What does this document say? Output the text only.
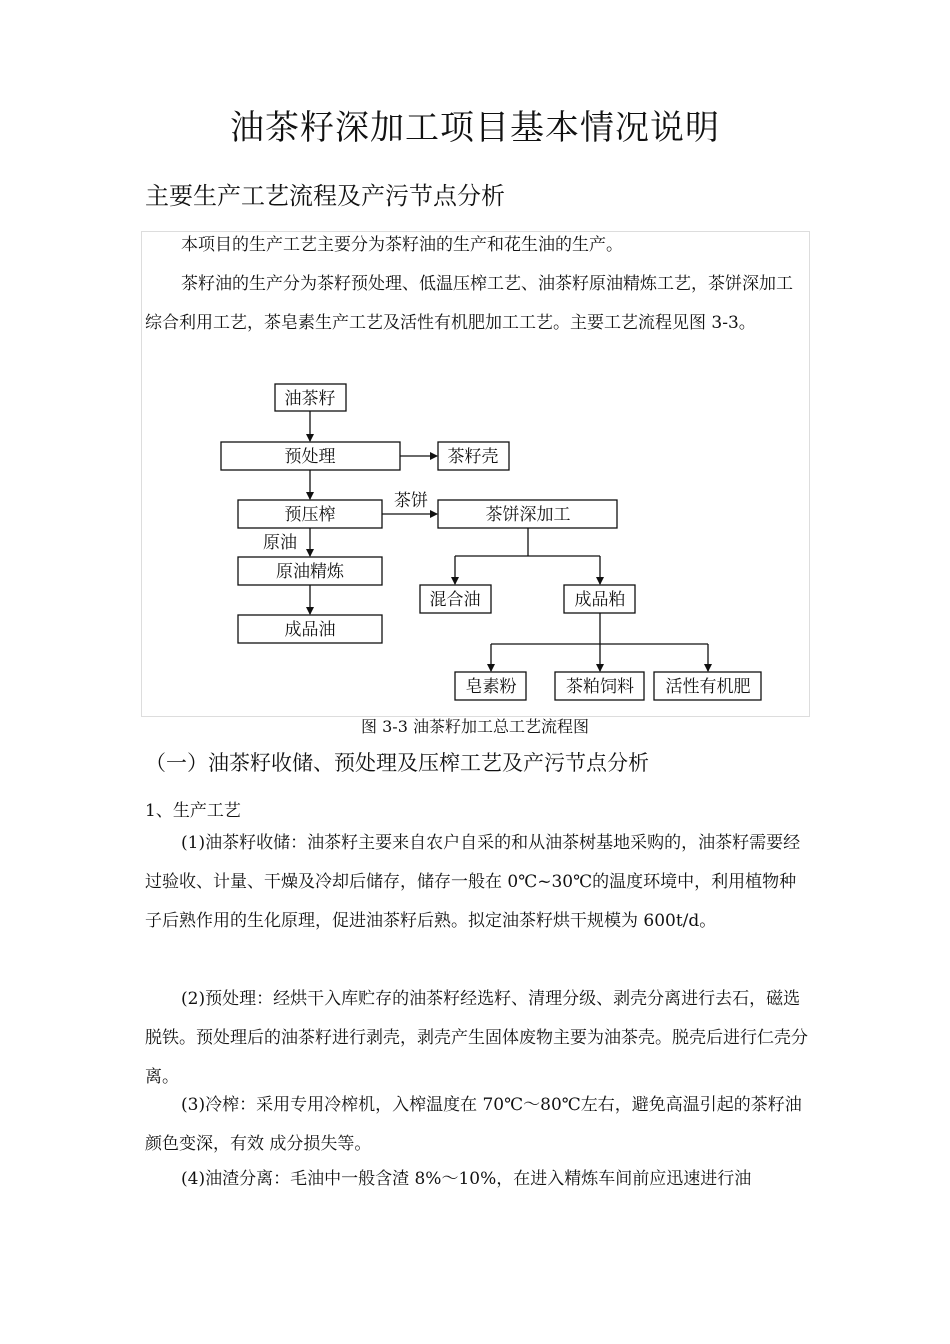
油茶籽深加工项目基本情况说明
主要生产工艺流程及产污节点分析

本项目的生产工艺主要分为茶籽油的生产和花生油的生产。

茶籽油的生产分为茶籽预处理、低温压榨工艺、油茶籽原油精炼工艺，茶饼深加工综合利用工艺，茶皂素生产工艺及活性有机肥加工工艺。主要工艺流程见图 3-3。

油茶籽
预处理	茶籽壳
预压榨	茶饼深加工
原油精炼
成品油
混合油	成品粕
皂素粉	茶粕饲料 活性有机肥
茶饼
原油
图 3-3 油茶籽加工总工艺流程图
（一）油茶籽收储、预处理及压榨工艺及产污节点分析
1、生产工艺

(1)油茶籽收储：油茶籽主要来自农户自采的和从油茶树基地采购的，油茶籽需要经过验收、计量、干燥及冷却后储存，储存一般在 0℃~30℃的温度环境中，利用植物种子后熟作用的生化原理，促进油茶籽后熟。拟定油茶籽烘干规模为 600t/d。

(2)预处理：经烘干入库贮存的油茶籽经选籽、清理分级、剥壳分离进行去石，磁选脱铁。预处理后的油茶籽进行剥壳，剥壳产生固体废物主要为油茶壳。脱壳后进行仁壳分离。

(3)冷榨：采用专用冷榨机，入榨温度在 70℃～80℃左右，避免高温引起的茶籽油颜色变深，有效 成分损失等。

(4)油渣分离：毛油中一般含渣 8%～10%，在进入精炼车间前应迅速进行油
